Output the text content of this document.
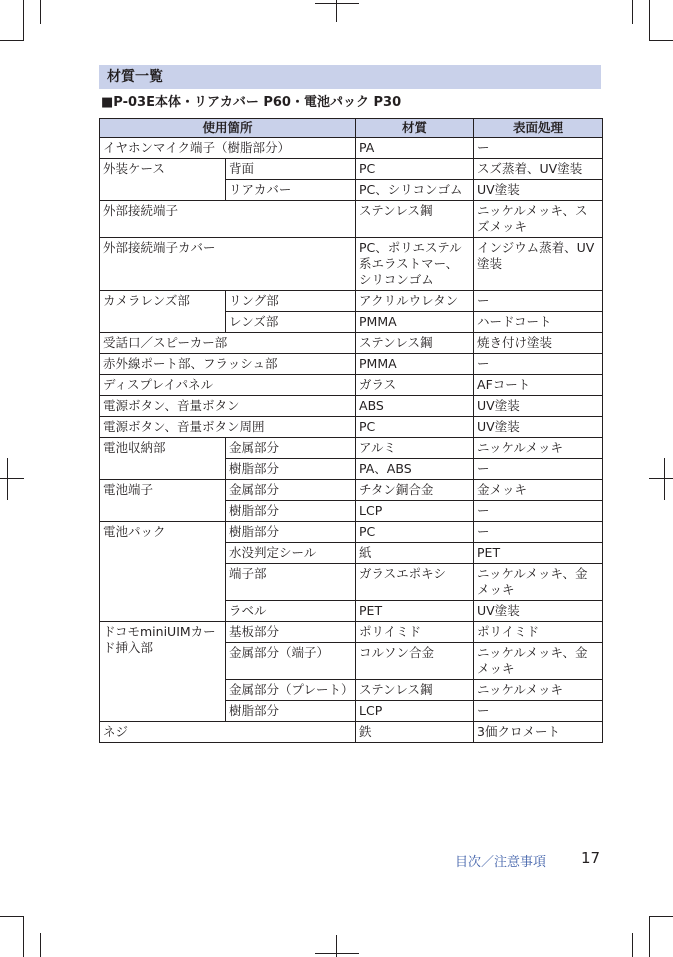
材質一覧
■P-03E本体・リアカバー P60・電池パック P30
使用箇所		材質	表面処理
イヤホンマイク端子（樹脂部分）		PA	ー
外装ケース	背面	PC	スズ蒸着、UV塗装
	リアカバー	PC、シリコンゴム	UV塗装
外部接続端子		ステンレス鋼	ニッケルメッキ、スズメッキ
外部接続端子カバー		PC、ポリエステル系エラストマー、シリコンゴム	インジウム蒸着、UV塗装
カメラレンズ部	リング部	アクリルウレタン	ー
	レンズ部	PMMA	ハードコート
受話口／スピーカー部		ステンレス鋼	焼き付け塗装
赤外線ポート部、フラッシュ部		PMMA	ー
ディスプレイパネル		ガラス	AFコート
電源ボタン、音量ボタン		ABS	UV塗装
電源ボタン、音量ボタン周囲		PC	UV塗装
電池収納部	金属部分	アルミ	ニッケルメッキ
	樹脂部分	PA、ABS	ー
電池端子	金属部分	チタン銅合金	金メッキ
	樹脂部分	LCP	ー
電池パック	樹脂部分	PC	ー
	水没判定シール	紙	PET
	端子部	ガラスエポキシ	ニッケルメッキ、金メッキ
	ラベル	PET	UV塗装
ドコモminiUIMカード挿入部	基板部分	ポリイミド	ポリイミド
	金属部分（端子）	コルソン合金	ニッケルメッキ、金メッキ
	金属部分（プレート）	ステンレス鋼	ニッケルメッキ
	樹脂部分	LCP	ー
ネジ		鉄	3価クロメート
目次／注意事項 17
